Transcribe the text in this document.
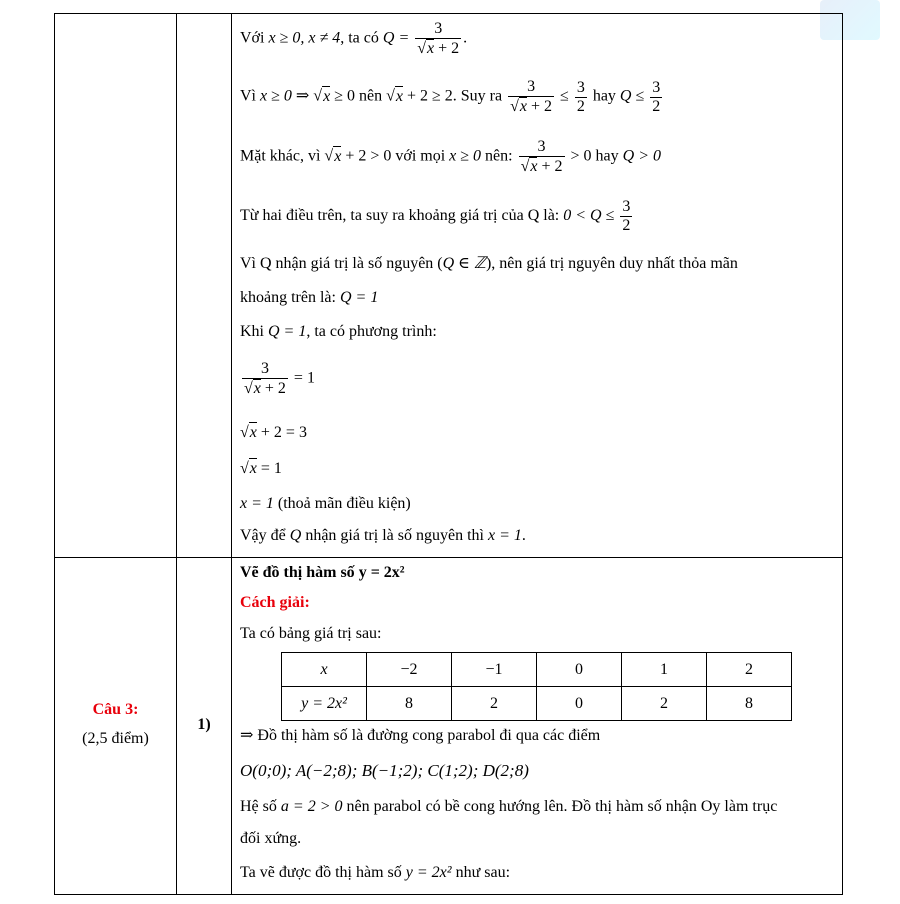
Với x ≥ 0, x ≠ 4, ta có $Q = \frac{3}{√x + 2}$ .
Vì x ≥ 0 ⇒ √x ≥ 0 nên √x + 2 ≥ 2. Suy ra $\frac{3}{√x + 2} \le \frac{3}{2}$ hay $Q \le \frac{3}{2}$
Mặt khác, vì √x + 2 > 0 với mọi x ≥ 0 nên: $\frac{3}{√x + 2} > 0$ hay Q > 0
Từ hai điều trên, ta suy ra khoảng giá trị của Q là: $0 < Q \le \frac{3}{2}$
Vì Q nhận giá trị là số nguyên (Q ∈ ℤ), nên giá trị nguyên duy nhất thỏa mãn
khoảng trên là: Q = 1
Khi Q = 1, ta có phương trình:
$\frac{3}{√x + 2} = 1$
√x + 2 = 3
√x = 1
x = 1 (thoả mãn điều kiện)
Vậy để Q nhận giá trị là số nguyên thì x = 1.
Câu 3:
(2,5 điểm)
1)
Vẽ đồ thị hàm số y = 2x²
Cách giải:
Ta có bảng giá trị sau:
x	−2	−1	0	1	2
y = 2x²	8	2	0	2	8
⇒ Đồ thị hàm số là đường cong parabol đi qua các điểm
O(0;0); A(−2;8); B(−1;2); C(1;2); D(2;8)
Hệ số a = 2 > 0 nên parabol có bề cong hướng lên. Đồ thị hàm số nhận Oy làm trục
đối xứng.
Ta vẽ được đồ thị hàm số y = 2x² như sau:
